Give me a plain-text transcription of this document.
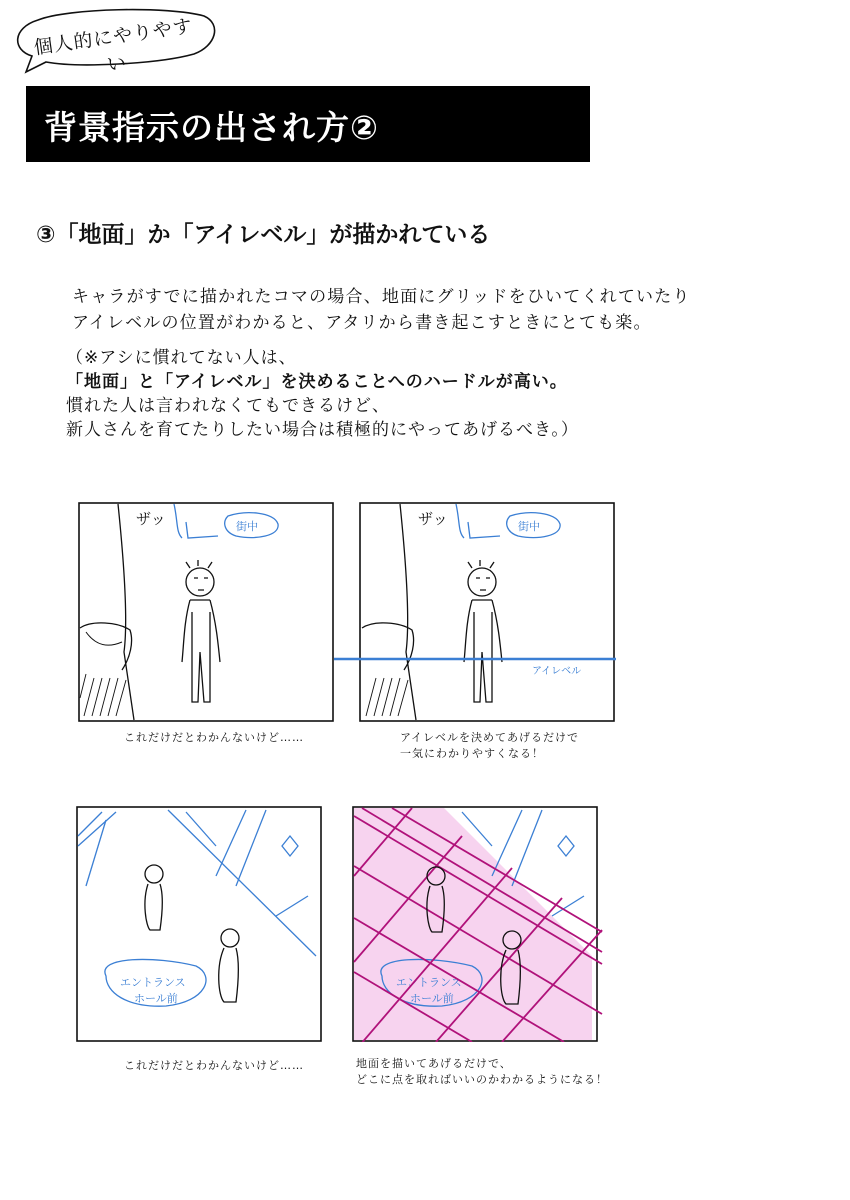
個人的にやりやすい
背景指示の出され方②
③「地面」か「アイレベル」が描かれている
キャラがすでに描かれたコマの場合、地面にグリッドをひいてくれていたり
アイレベルの位置がわかると、アタリから書き起こすときにとても楽。
（※アシに慣れてない人は、
「地面」と「アイレベル」を決めることへのハードルが高い。
慣れた人は言われなくてもできるけど、
新人さんを育てたりしたい場合は積極的にやってあげるべき。）
ザッ	街中	ザッ	街中
アイレベル
これだけだとわかんないけど……	アイレベルを決めてあげるだけで
一気にわかりやすくなる！
エントランス
ホール前
エントランス
ホール前
これだけだとわかんないけど……	地面を描いてあげるだけで、
どこに点を取ればいいのかわかるようになる！
